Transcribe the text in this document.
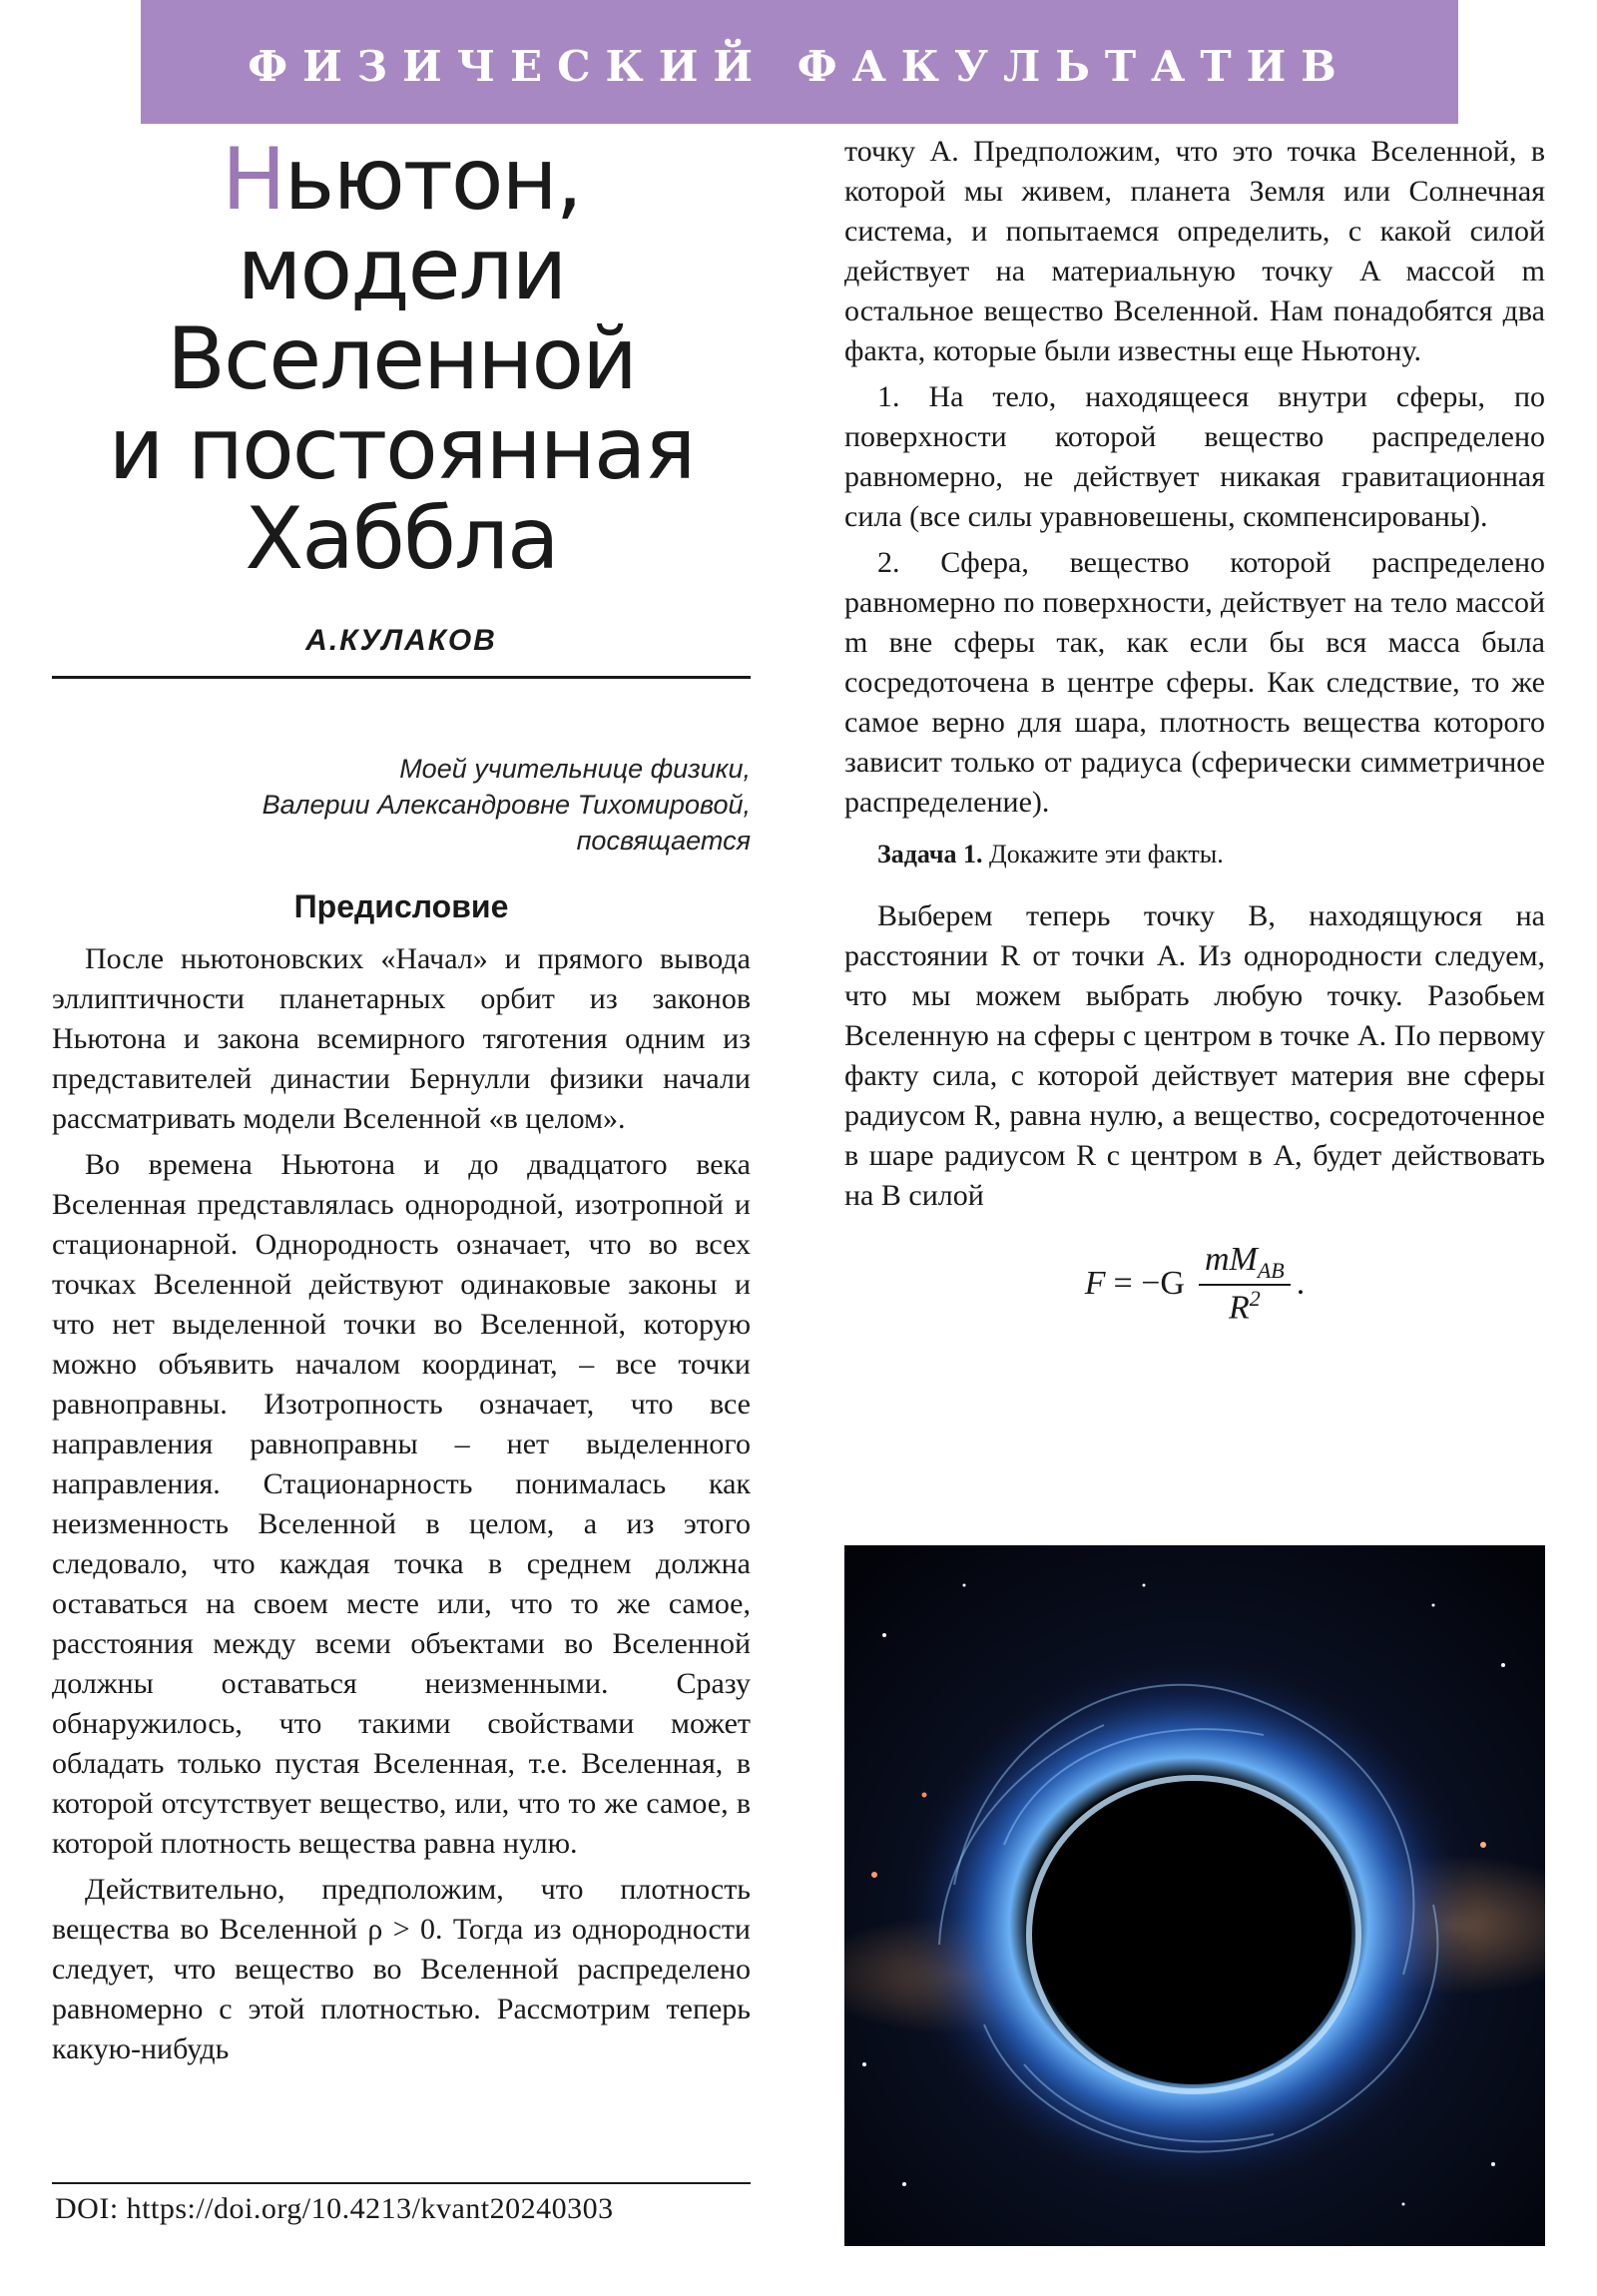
ФИЗИЧЕСКИЙ ФАКУЛЬТАТИВ
Ньютон, модели
Вселенной
и постоянная
Хаббла
А.КУЛАКОВ
Моей учительнице физики,
Валерии Александровне Тихомировой,
посвящается
Предисловие

После ньютоновских «Начал» и прямого вывода эллиптичности планетарных орбит из законов Ньютона и закона всемирного тяготения одним из представителей династии Бернулли физики начали рассматривать модели Вселенной «в целом».

Во времена Ньютона и до двадцатого века Вселенная представлялась однородной, изотропной и стационарной. Однородность означает, что во всех точках Вселенной действуют одинаковые законы и что нет выделенной точки во Вселенной, которую можно объявить началом координат, – все точки равноправны. Изотропность означает, что все направления равноправны – нет выделенного направления. Стационарность понималась как неизменность Вселенной в целом, а из этого следовало, что каждая точка в среднем должна оставаться на своем месте или, что то же самое, расстояния между всеми объектами во Вселенной должны оставаться неизменными. Сразу обнаружилось, что такими свойствами может обладать только пустая Вселенная, т.е. Вселенная, в которой отсутствует вещество, или, что то же самое, в которой плотность вещества равна нулю.

Действительно, предположим, что плотность вещества во Вселенной ρ > 0. Тогда из однородности следует, что вещество во Вселенной распределено равномерно с этой плотностью. Рассмотрим теперь какую-нибудь

точку A. Предположим, что это точка Вселенной, в которой мы живем, планета Земля или Солнечная система, и попытаемся определить, с какой силой действует на материальную точку A массой m остальное вещество Вселенной. Нам понадобятся два факта, которые были известны еще Ньютону.

1. На тело, находящееся внутри сферы, по поверхности которой вещество распределено равномерно, не действует никакая гравитационная сила (все силы уравновешены, скомпенсированы).

2. Сфера, вещество которой распределено равномерно по поверхности, действует на тело массой m вне сферы так, как если бы вся масса была сосредоточена в центре сферы. Как следствие, то же самое верно для шара, плотность вещества которого зависит только от радиуса (сферически симметричное распределение).

Задача 1. Докажите эти факты.

Выберем теперь точку B, находящуюся на расстоянии R от точки A. Из однородности следуем, что мы можем выбрать любую точку. Разобьем Вселенную на сферы с центром в точке A. По первому факту сила, с которой действует материя вне сферы радиусом R, равна нулю, а вещество, сосредоточенное в шаре радиусом R с центром в A, будет действовать на B силой

$F = -G \frac{mM_{AB}}{R^2}$ .
DOI: https://doi.org/10.4213/kvant20240303
